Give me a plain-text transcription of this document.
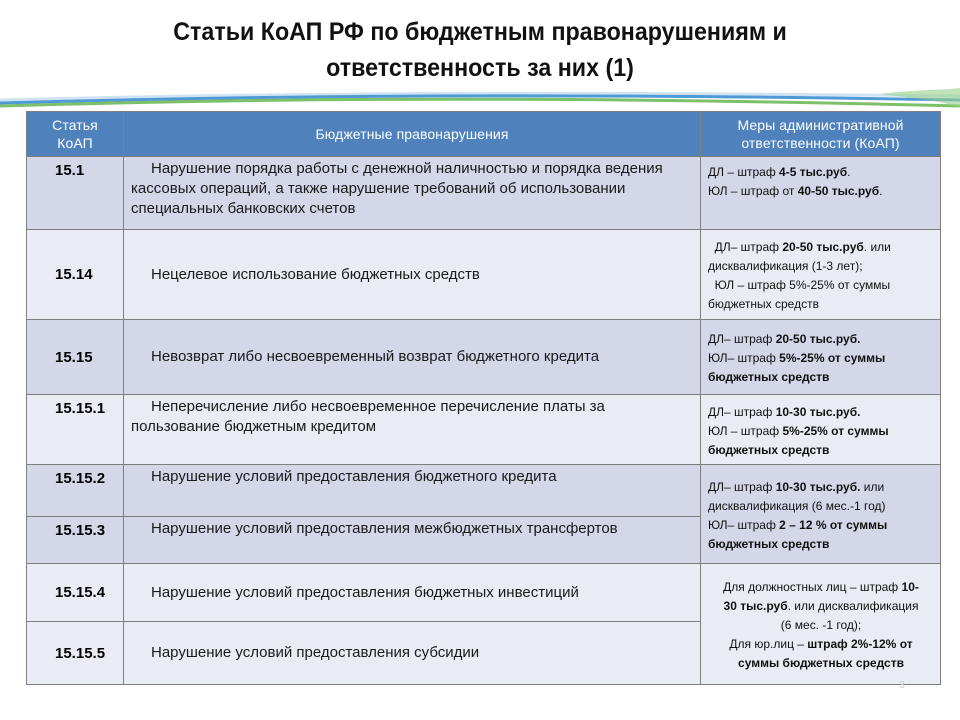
Статьи КоАП РФ по бюджетным правонарушениям и
ответственность за них (1)
Статья
КоАП	Бюджетные правонарушения	Меры административной
ответственности (КоАП)
15.1	Нарушение порядка работы с денежной наличностью и порядка ведения кассовых операций, а также нарушение требований об использовании специальных банковских счетов	ДЛ – штраф 4-5 тыс.руб.
ЮЛ – штраф от 40-50 тыс.руб.

15.14	Нецелевое использование бюджетных средств	ДЛ– штраф 20-50 тыс.руб. или
дисквалификация (1-3 лет);
ЮЛ – штраф 5%-25% от суммы
бюджетных средств

15.15	Невозврат либо несвоевременный возврат бюджетного кредита	ДЛ– штраф 20-50 тыс.руб.
ЮЛ– штраф 5%-25% от суммы
бюджетных средств

15.15.1	Неперечисление либо несвоевременное перечисление платы за пользование бюджетным кредитом	ДЛ– штраф 10-30 тыс.руб.
ЮЛ – штраф 5%-25% от суммы
бюджетных средств

15.15.2	Нарушение условий предоставления бюджетного кредита	ДЛ– штраф 10-30 тыс.руб. или
дисквалификация (6 мес.-1 год)
ЮЛ– штраф 2 – 12 % от суммы
бюджетных средств

15.15.3	Нарушение условий предоставления межбюджетных трансфертов	
15.15.4	Нарушение условий предоставления бюджетных инвестиций	Для должностных лиц – штраф 10-
30 тыс.руб. или дисквалификация
(6 мес. -1 год);
Для юр.лиц – штраф 2%-12% от
суммы бюджетных средств

15.15.5	Нарушение условий предоставления субсидии	
3
